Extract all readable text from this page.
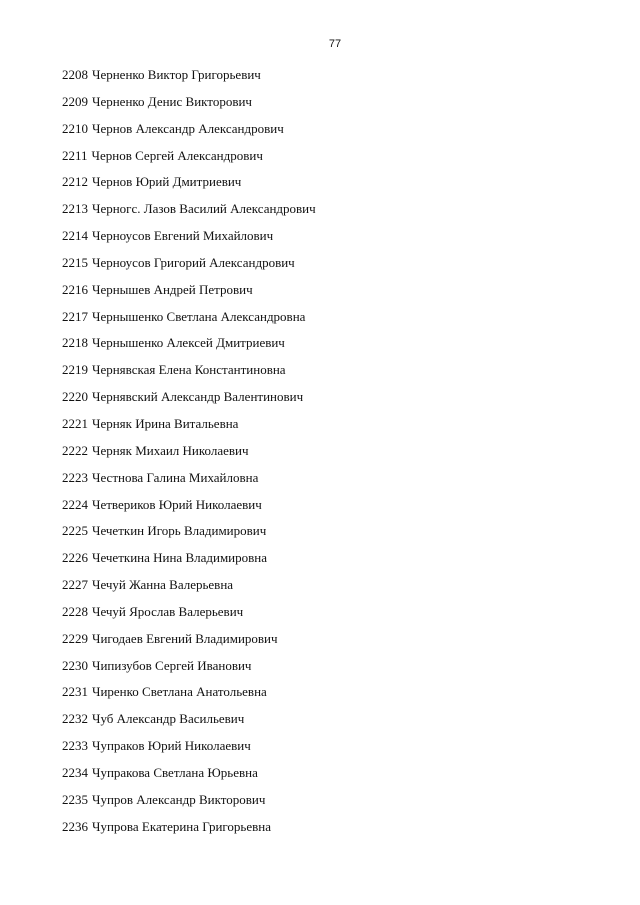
77
2208 Черненко Виктор Григорьевич
2209 Черненко Денис Викторович
2210 Чернов Александр Александрович
2211 Чернов Сергей Александрович
2212 Чернов Юрий Дмитриевич
2213 Черногс. Лазов Василий Александрович
2214 Черноусов Евгений Михайлович
2215 Черноусов Григорий Александрович
2216 Чернышев Андрей Петрович
2217 Чернышенко Светлана Александровна
2218 Чернышенко Алексей Дмитриевич
2219 Чернявская Елена Константиновна
2220 Чернявский Александр Валентинович
2221 Черняк Ирина Витальевна
2222 Черняк Михаил Николаевич
2223 Честнова Галина Михайловна
2224 Четвериков Юрий Николаевич
2225 Чечеткин Игорь Владимирович
2226 Чечеткина Нина Владимировна
2227 Чечуй Жанна Валерьевна
2228 Чечуй Ярослав Валерьевич
2229 Чигодаев Евгений Владимирович
2230 Чипизубов Сергей Иванович
2231 Чиренко Светлана Анатольевна
2232 Чуб Александр Васильевич
2233 Чупраков Юрий Николаевич
2234 Чупракова Светлана Юрьевна
2235 Чупров Александр Викторович
2236 Чупрова Екатерина Григорьевна
